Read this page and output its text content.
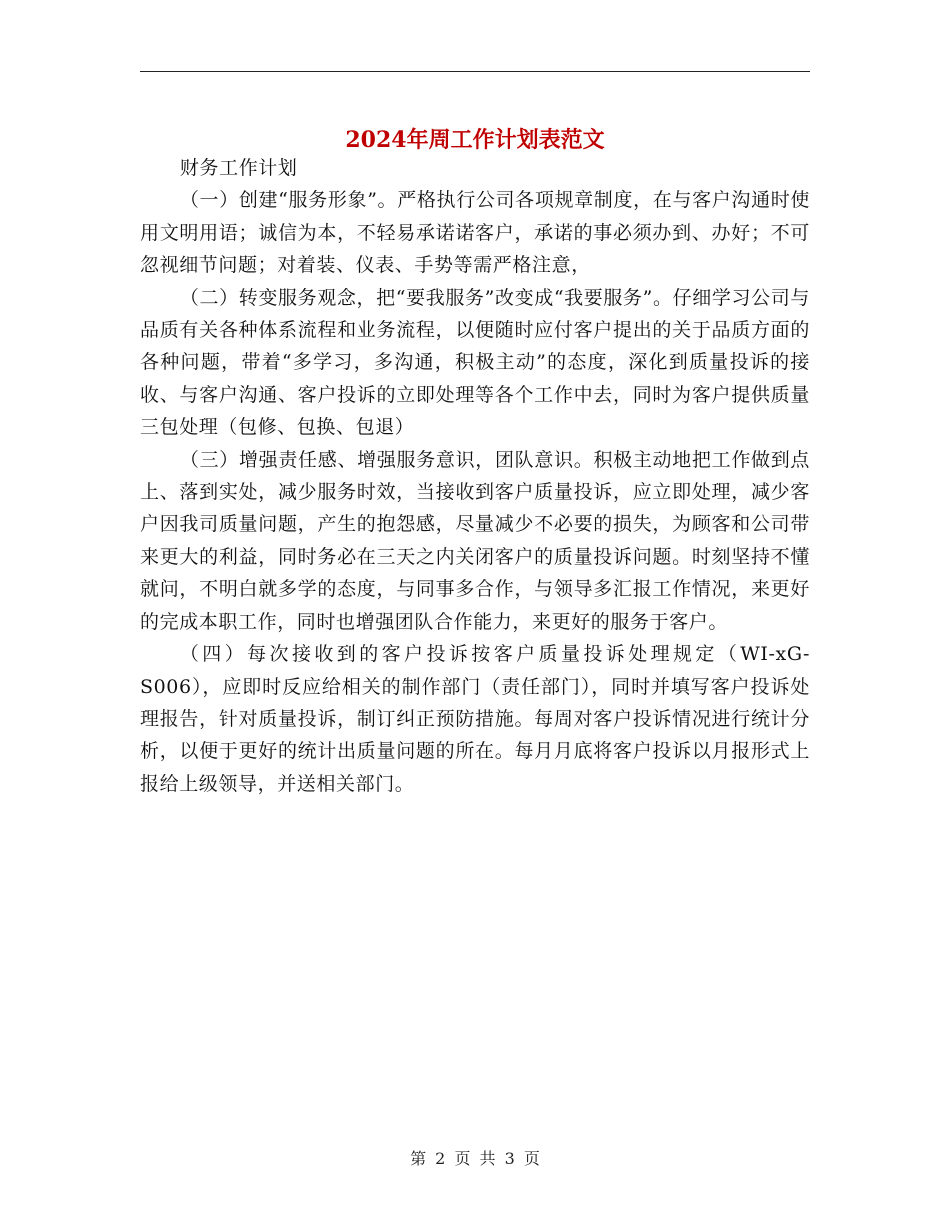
2024年周工作计划表范文

财务工作计划

（一）创建“服务形象”。严格执行公司各项规章制度，在与客户沟通时使用文明用语；诚信为本，不轻易承诺诺客户，承诺的事必须办到、办好；不可忽视细节问题；对着装、仪表、手势等需严格注意，

（二）转变服务观念，把“要我服务”改变成“我要服务”。仔细学习公司与品质有关各种体系流程和业务流程，以便随时应付客户提出的关于品质方面的各种问题，带着“多学习，多沟通，积极主动”的态度，深化到质量投诉的接收、与客户沟通、客户投诉的立即处理等各个工作中去，同时为客户提供质量三包处理（包修、包换、包退）

（三）增强责任感、增强服务意识，团队意识。积极主动地把工作做到点上、落到实处，减少服务时效，当接收到客户质量投诉，应立即处理，减少客户因我司质量问题，产生的抱怨感，尽量减少不必要的损失，为顾客和公司带来更大的利益，同时务必在三天之内关闭客户的质量投诉问题。时刻坚持不懂就问，不明白就多学的态度，与同事多合作，与领导多汇报工作情况，来更好的完成本职工作，同时也增强团队合作能力，来更好的服务于客户。

（四）每次接收到的客户投诉按客户质量投诉处理规定（WI-xG-S006），应即时反应给相关的制作部门（责任部门），同时并填写客户投诉处理报告，针对质量投诉，制订纠正预防措施。每周对客户投诉情况进行统计分析，以便于更好的统计出质量问题的所在。每月月底将客户投诉以月报形式上报给上级领导，并送相关部门。

第 2 页 共 3 页
